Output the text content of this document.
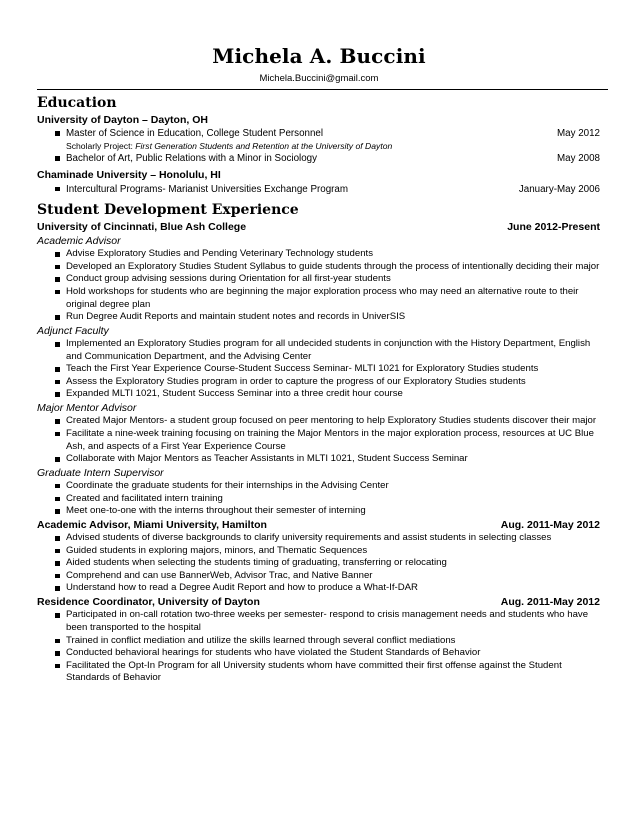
Michela A. Buccini
Michela.Buccini@gmail.com
Education
University of Dayton – Dayton, OH
Master of Science in Education, College Student Personnel	May 2012
Scholarly Project: First Generation Students and Retention at the University of Dayton
Bachelor of Art, Public Relations with a Minor in Sociology	May 2008
Chaminade University – Honolulu, HI
Intercultural Programs- Marianist Universities Exchange Program	January-May 2006
Student Development Experience
University of Cincinnati, Blue Ash College	June 2012-Present
Academic Advisor
Advise Exploratory Studies and Pending Veterinary Technology students
Developed an Exploratory Studies Student Syllabus to guide students through the process of intentionally deciding their major
Conduct group advising sessions during Orientation for all first-year students
Hold workshops for students who are beginning the major exploration process who may need an alternative route to their original degree plan
Run Degree Audit Reports and maintain student notes and records in UniverSIS
Adjunct Faculty
Implemented an Exploratory Studies program for all undecided students in conjunction with the History Department, English and Communication Department, and the Advising Center
Teach the First Year Experience Course-Student Success Seminar- MLTI 1021 for Exploratory Studies students
Assess the Exploratory Studies program in order to capture the progress of our Exploratory Studies students
Expanded MLTI 1021, Student Success Seminar into a three credit hour course
Major Mentor Advisor
Created Major Mentors- a student group focused on peer mentoring to help Exploratory Studies students discover their major
Facilitate a nine-week training focusing on training the Major Mentors in the major exploration process, resources at UC Blue Ash, and aspects of a First Year Experience Course
Collaborate with Major Mentors as Teacher Assistants in MLTI 1021, Student Success Seminar
Graduate Intern Supervisor
Coordinate the graduate students for their internships in the Advising Center
Created and facilitated intern training
Meet one-to-one with the interns throughout their semester of interning
Academic Advisor, Miami University, Hamilton	Aug. 2011-May 2012
Advised students of diverse backgrounds to clarify university requirements and assist students in selecting classes
Guided students in exploring majors, minors, and Thematic Sequences
Aided students when selecting the students timing of graduating, transferring or relocating
Comprehend and can use BannerWeb, Advisor Trac, and Native Banner
Understand how to read a Degree Audit Report and how to produce a What-If-DAR
Residence Coordinator, University of Dayton	Aug. 2011-May 2012
Participated in on-call rotation two-three weeks per semester- respond to crisis management needs and students who have been transported to the hospital
Trained in conflict mediation and utilize the skills learned through several conflict mediations
Conducted behavioral hearings for students who have violated the Student Standards of Behavior
Facilitated the Opt-In Program for all University students whom have committed their first offense against the Student Standards of Behavior
